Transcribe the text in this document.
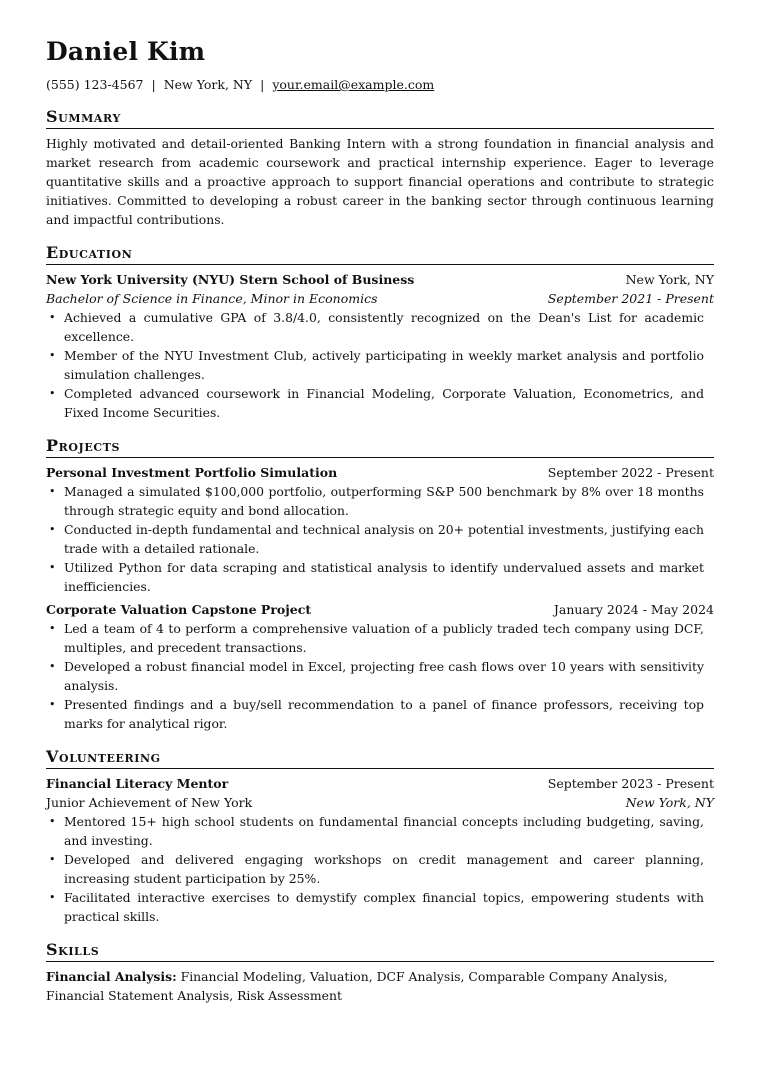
Daniel Kim
(555) 123-4567 | New York, NY | your.email@example.com
Summary

Highly motivated and detail-oriented Banking Intern with a strong foundation in financial analysis and market research from academic coursework and practical internship experience. Eager to leverage quantitative skills and a proactive approach to support financial operations and contribute to strategic initiatives. Committed to developing a robust career in the banking sector through continuous learning and impactful contributions.

Education
New York University (NYU) Stern School of Business	New York, NY
Bachelor of Science in Finance, Minor in Economics	September 2021 - Present
• Achieved a cumulative GPA of 3.8/4.0, consistently recognized on the Dean's List for academic excellence.
• Member of the NYU Investment Club, actively participating in weekly market analysis and portfolio simulation challenges.
• Completed advanced coursework in Financial Modeling, Corporate Valuation, Econometrics, and Fixed Income Securities.
Projects
Personal Investment Portfolio Simulation	September 2022 - Present
• Managed a simulated $100,000 portfolio, outperforming S&P 500 benchmark by 8% over 18 months through strategic equity and bond allocation.
• Conducted in-depth fundamental and technical analysis on 20+ potential investments, justifying each trade with a detailed rationale.
• Utilized Python for data scraping and statistical analysis to identify undervalued assets and market inefficiencies.
Corporate Valuation Capstone Project	January 2024 - May 2024
• Led a team of 4 to perform a comprehensive valuation of a publicly traded tech company using DCF, multiples, and precedent transactions.
• Developed a robust financial model in Excel, projecting free cash flows over 10 years with sensitivity analysis.
• Presented findings and a buy/sell recommendation to a panel of finance professors, receiving top marks for analytical rigor.
Volunteering
Financial Literacy Mentor	September 2023 - Present
Junior Achievement of New York	New York, NY
• Mentored 15+ high school students on fundamental financial concepts including budgeting, saving, and investing.
• Developed and delivered engaging workshops on credit management and career planning, increasing student participation by 25%.
• Facilitated interactive exercises to demystify complex financial topics, empowering students with practical skills.
Skills
Financial Analysis: Financial Modeling, Valuation, DCF Analysis, Comparable Company Analysis, Financial Statement Analysis, Risk Assessment
